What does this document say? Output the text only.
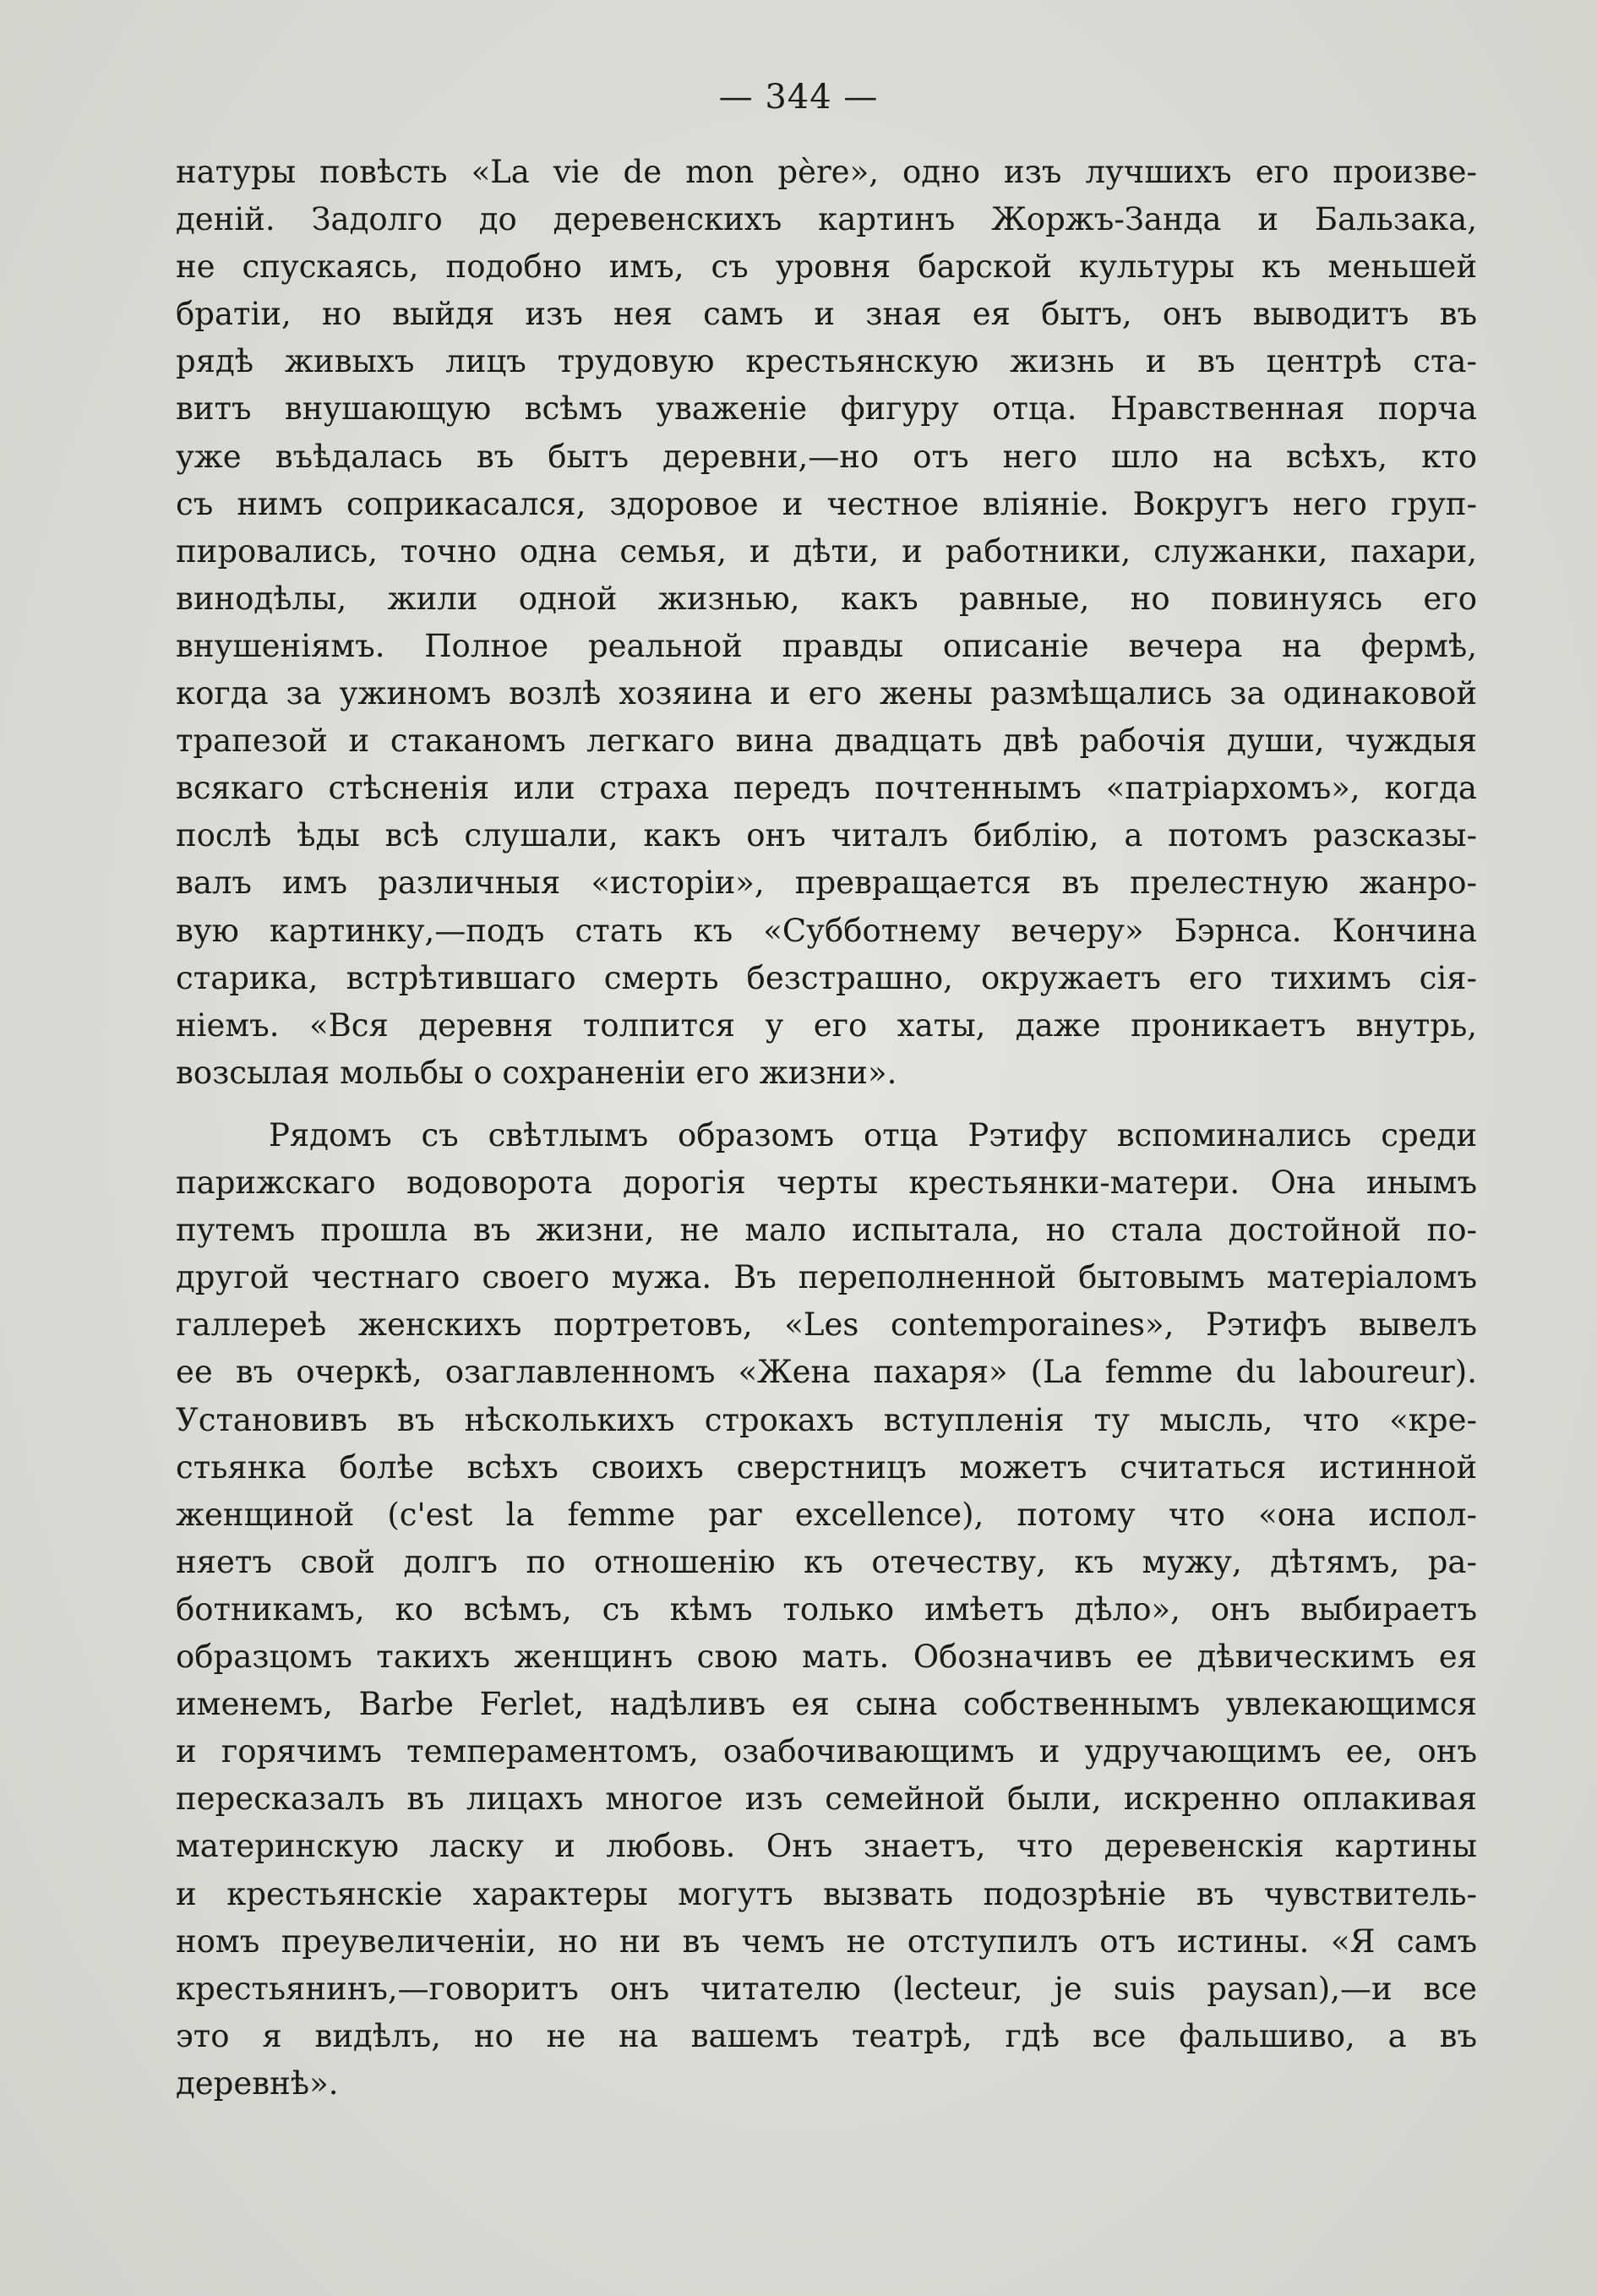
— 344 —
натуры повѣсть «La vie de mon père», одно изъ лучшихъ его произве-
деній. Задолго до деревенскихъ картинъ Жоржъ-Занда и Бальзака,
не спускаясь, подобно имъ, съ уровня барской культуры къ меньшей
братіи, но выйдя изъ нея самъ и зная ея бытъ, онъ выводитъ въ
рядѣ живыхъ лицъ трудовую крестьянскую жизнь и въ центрѣ ста-
витъ внушающую всѣмъ уваженіе фигуру отца. Нравственная порча
уже въѣдалась въ бытъ деревни,—но отъ него шло на всѣхъ, кто
съ нимъ соприкасался, здоровое и честное вліяніе. Вокругъ него груп-
пировались, точно одна семья, и дѣти, и работники, служанки, пахари,
винодѣлы, жили одной жизнью, какъ равные, но повинуясь его
внушеніямъ. Полное реальной правды описаніе вечера на фермѣ,
когда за ужиномъ возлѣ хозяина и его жены размѣщались за одинаковой
трапезой и стаканомъ легкаго вина двадцать двѣ рабочія души, чуждыя
всякаго стѣсненія или страха передъ почтеннымъ «патріархомъ», когда
послѣ ѣды всѣ слушали, какъ онъ читалъ библію, а потомъ разсказы-
валъ имъ различныя «исторіи», превращается въ прелестную жанро-
вую картинку,—подъ стать къ «Субботнему вечеру» Бэрнса. Кончина
старика, встрѣтившаго смерть безстрашно, окружаетъ его тихимъ сія-
ніемъ. «Вся деревня толпится у его хаты, даже проникаетъ внутрь,
возсылая мольбы о сохраненіи его жизни».
Рядомъ съ свѣтлымъ образомъ отца Рэтифу вспоминались среди
парижскаго водоворота дорогія черты крестьянки-матери. Она инымъ
путемъ прошла въ жизни, не мало испытала, но стала достойной по-
другой честнаго своего мужа. Въ переполненной бытовымъ матеріаломъ
галлереѣ женскихъ портретовъ, «Les contemporaines», Рэтифъ вывелъ
ее въ очеркѣ, озаглавленномъ «Жена пахаря» (La femme du laboureur).
Установивъ въ нѣсколькихъ строкахъ вступленія ту мысль, что «кре-
стьянка болѣе всѣхъ своихъ сверстницъ можетъ считаться истинной
женщиной (c'est la femme par excellence), потому что «она испол-
няетъ свой долгъ по отношенію къ отечеству, къ мужу, дѣтямъ, ра-
ботникамъ, ко всѣмъ, съ кѣмъ только имѣетъ дѣло», онъ выбираетъ
образцомъ такихъ женщинъ свою мать. Обозначивъ ее дѣвическимъ ея
именемъ, Barbe Ferlet, надѣливъ ея сына собственнымъ увлекающимся
и горячимъ темпераментомъ, озабочивающимъ и удручающимъ ее, онъ
пересказалъ въ лицахъ многое изъ семейной были, искренно оплакивая
материнскую ласку и любовь. Онъ знаетъ, что деревенскія картины
и крестьянскіе характеры могутъ вызвать подозрѣніе въ чувствитель-
номъ преувеличеніи, но ни въ чемъ не отступилъ отъ истины. «Я самъ
крестьянинъ,—говоритъ онъ читателю (lecteur, je suis paysan),—и все
это я видѣлъ, но не на вашемъ театрѣ, гдѣ все фальшиво, а въ
деревнѣ».
